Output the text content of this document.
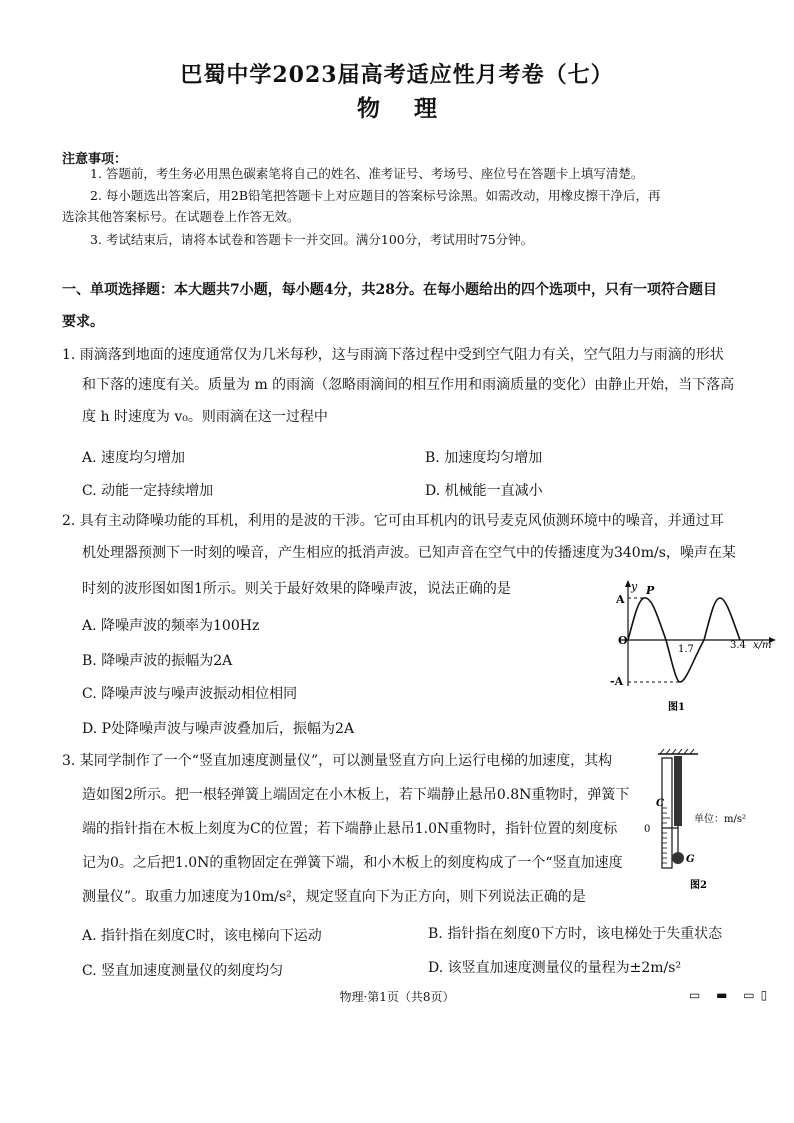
巴蜀中学2023届高考适应性月考卷（七）
物理
注意事项：
1. 答题前，考生务必用黑色碳素笔将自己的姓名、准考证号、考场号、座位号在答题卡上填写清楚。
2. 每小题选出答案后，用2B铅笔把答题卡上对应题目的答案标号涂黑。如需改动，用橡皮擦干净后，再
选涂其他答案标号。在试题卷上作答无效。
3. 考试结束后，请将本试卷和答题卡一并交回。满分100分，考试用时75分钟。
一、单项选择题：本大题共7小题，每小题4分，共28分。在每小题给出的四个选项中，只有一项符合题目
要求。
1. 雨滴落到地面的速度通常仅为几米每秒，这与雨滴下落过程中受到空气阻力有关，空气阻力与雨滴的形状
和下落的速度有关。质量为 m 的雨滴（忽略雨滴间的相互作用和雨滴质量的变化）由静止开始，当下落高
度 h 时速度为 v₀。则雨滴在这一过程中
A. 速度均匀增加	B. 加速度均匀增加
C. 动能一定持续增加	D. 机械能一直减小
2. 具有主动降噪功能的耳机，利用的是波的干涉。它可由耳机内的讯号麦克风侦测环境中的噪音，并通过耳
机处理器预测下一时刻的噪音，产生相应的抵消声波。已知声音在空气中的传播速度为340m/s，噪声在某
时刻的波形图如图1所示。则关于最好效果的降噪声波，说法正确的是
A. 降噪声波的频率为100Hz
B. 降噪声波的振幅为2A
C. 降噪声波与噪声波振动相位相同
D. P处降噪声波与噪声波叠加后，振幅为2A
y
A
-A
O
P
1.7	3.4 x/m
图1
3. 某同学制作了一个“竖直加速度测量仪”，可以测量竖直方向上运行电梯的加速度，其构
造如图2所示。把一根轻弹簧上端固定在小木板上，若下端静止悬吊0.8N重物时，弹簧下
端的指针指在木板上刻度为C的位置；若下端静止悬吊1.0N重物时，指针位置的刻度标
记为0。之后把1.0N的重物固定在弹簧下端，和小木板上的刻度构成了一个“竖直加速度
测量仪”。取重力加速度为10m/s²，规定竖直向下为正方向，则下列说法正确的是
A. 指针指在刻度C时，该电梯向下运动	B. 指针指在刻度0下方时，该电梯处于失重状态
C. 竖直加速度测量仪的刻度均匀	D. 该竖直加速度测量仪的量程为±2m/s²
C
0
G
单位：m/s²
图2
物理·第1页（共8页）	▭ ▬ ▭▯
